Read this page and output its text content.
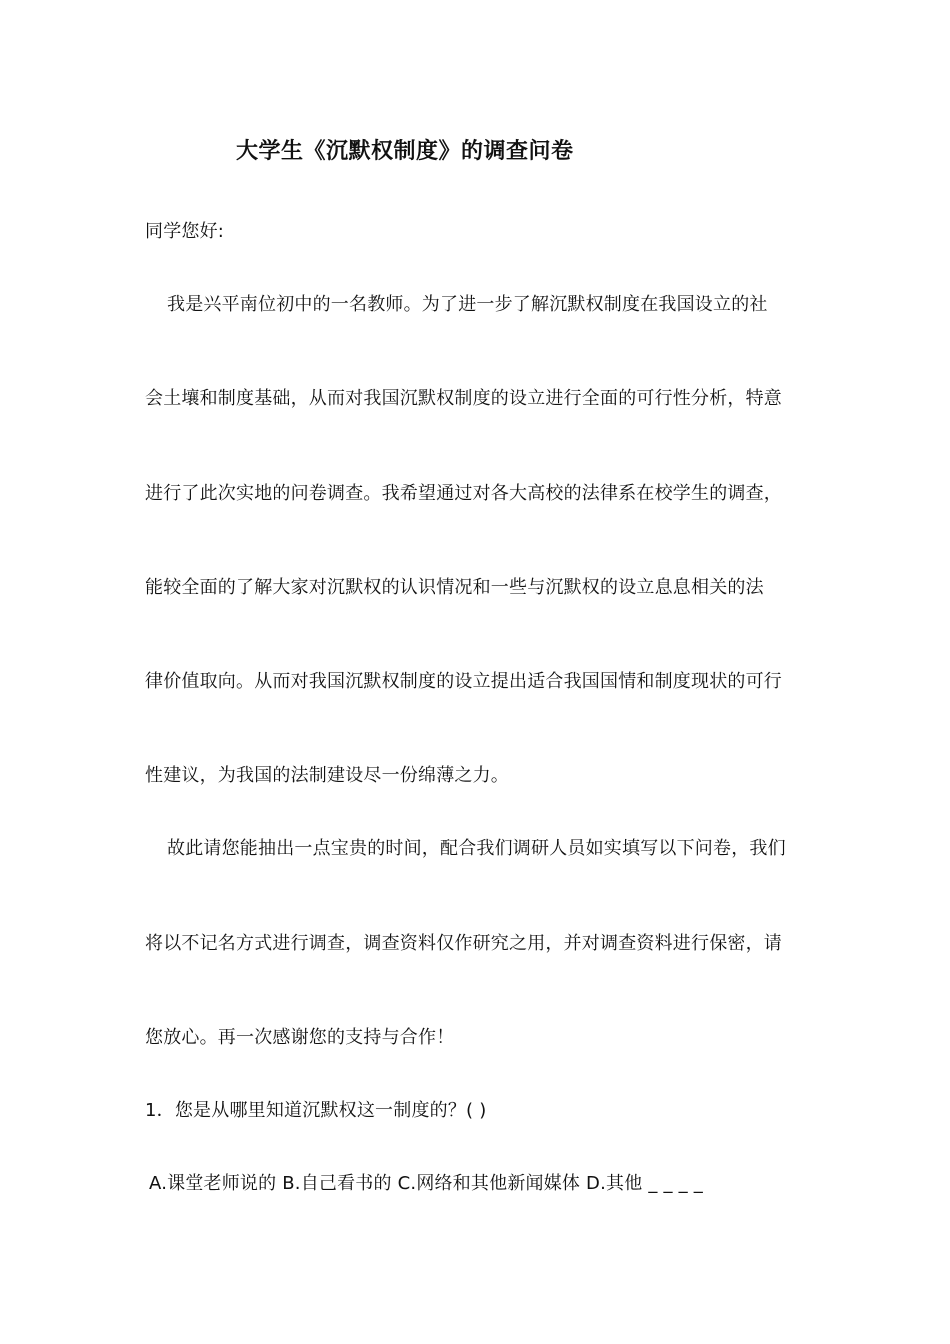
大学生《沉默权制度》的调查问卷
同学您好:
我是兴平南位初中的一名教师。为了进一步了解沉默权制度在我国设立的社
会土壤和制度基础，从而对我国沉默权制度的设立进行全面的可行性分析，特意
进行了此次实地的问卷调查。我希望通过对各大高校的法律系在校学生的调查，
能较全面的了解大家对沉默权的认识情况和一些与沉默权的设立息息相关的法
律价值取向。从而对我国沉默权制度的设立提出适合我国国情和制度现状的可行
性建议，为我国的法制建设尽一份绵薄之力。
故此请您能抽出一点宝贵的时间，配合我们调研人员如实填写以下问卷，我们
将以不记名方式进行调查，调查资料仅作研究之用，并对调查资料进行保密，请
您放心。再一次感谢您的支持与合作！
1．您是从哪里知道沉默权这一制度的？( )
A.课堂老师说的 B.自己看书的 C.网络和其他新闻媒体 D.其他 _ _ _ _
